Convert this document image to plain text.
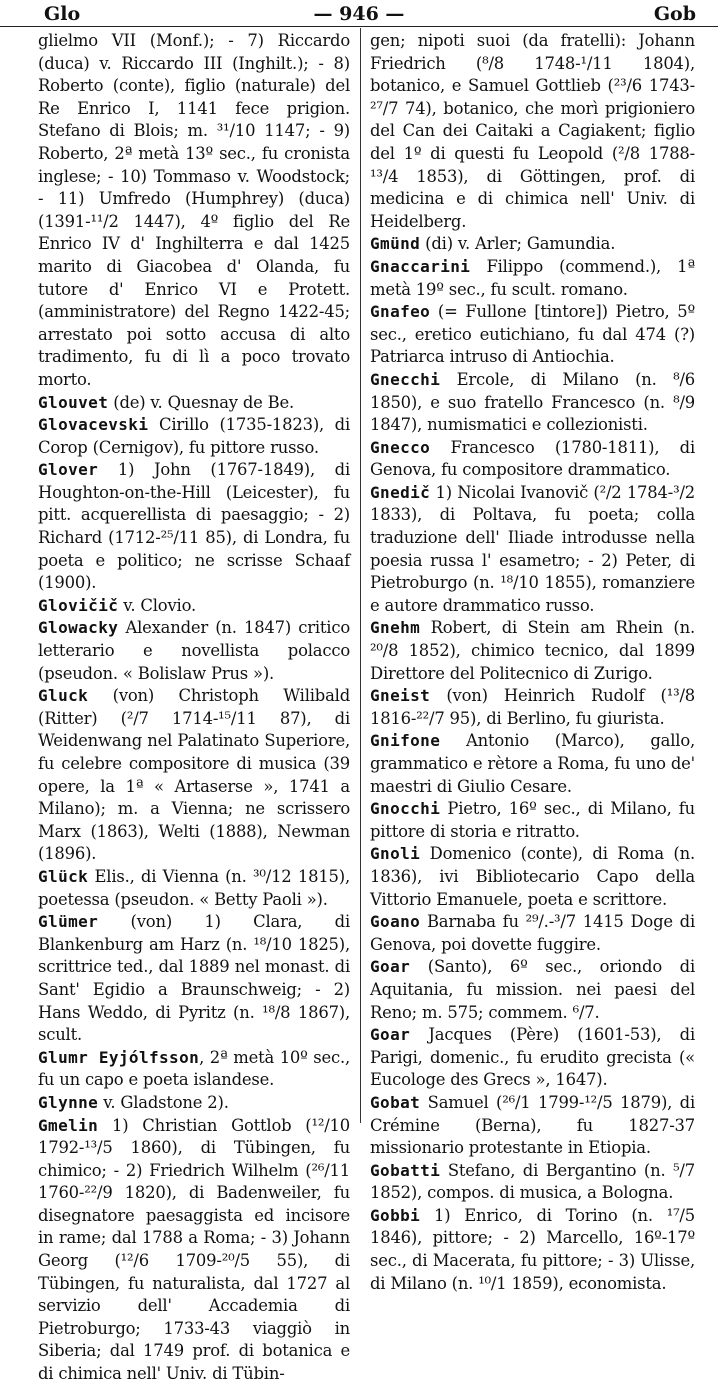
Glo	— 946 —	Gob

glielmo VII (Monf.); - 7) Riccardo (duca) v. Riccardo III (Inghilt.); - 8) Roberto (conte), figlio (naturale) del Re Enrico I, 1141 fece prigion. Stefano di Blois; m. ³¹/10 1147; - 9) Roberto, 2ª metà 13º sec., fu cronista inglese; - 10) Tommaso v. Woodstock; - 11) Umfredo (Humphrey) (duca) (1391-¹¹/2 1447), 4º figlio del Re Enrico IV d' Inghilterra e dal 1425 marito di Giacobea d' Olanda, fu tutore d' Enrico VI e Protett. (amministratore) del Regno 1422-45; arrestato poi sotto accusa di alto tradimento, fu di lì a poco trovato morto.

Glouvet (de) v. Quesnay de Be.

Glovacevski Cirillo (1735-1823), di Corop (Cernigov), fu pittore russo.

Glover 1) John (1767-1849), di Houghton-on-the-Hill (Leicester), fu pitt. acquerellista di paesaggio; - 2) Richard (1712-²⁵/11 85), di Londra, fu poeta e politico; ne scrisse Schaaf (1900).

Glovičič v. Clovio.

Glowacky Alexander (n. 1847) critico letterario e novellista polacco (pseudon. « Bolislaw Prus »).

Gluck (von) Christoph Wilibald (Ritter) (²/7 1714-¹⁵/11 87), di Weidenwang nel Palatinato Superiore, fu celebre compositore di musica (39 opere, la 1ª « Artaserse », 1741 a Milano); m. a Vienna; ne scrissero Marx (1863), Welti (1888), Newman (1896).

Glück Elis., di Vienna (n. ³⁰/12 1815), poetessa (pseudon. « Betty Paoli »).

Glümer (von) 1) Clara, di Blankenburg am Harz (n. ¹⁸/10 1825), scrittrice ted., dal 1889 nel monast. di Sant' Egidio a Braunschweig; - 2) Hans Weddo, di Pyritz (n. ¹⁸/8 1867), scult.

Glumr Eyjólfsson, 2ª metà 10º sec., fu un capo e poeta islandese.

Glynne v. Gladstone 2).

Gmelin 1) Christian Gottlob (¹²/10 1792-¹³/5 1860), di Tübingen, fu chimico; - 2) Friedrich Wilhelm (²⁶/11 1760-²²/9 1820), di Badenweiler, fu disegnatore paesaggista ed incisore in rame; dal 1788 a Roma; - 3) Johann Georg (¹²/6 1709-²⁰/5 55), di Tübingen, fu naturalista, dal 1727 al servizio dell' Accademia di Pietroburgo; 1733-43 viaggiò in Siberia; dal 1749 prof. di botanica e di chimica nell' Univ. di Tübin-

gen; nipoti suoi (da fratelli): Johann Friedrich (⁸/8 1748-¹/11 1804), botanico, e Samuel Gottlieb (²³/6 1743-²⁷/7 74), botanico, che morì prigioniero del Can dei Caitaki a Cagiakent; figlio del 1º di questi fu Leopold (²/8 1788-¹³/4 1853), di Göttingen, prof. di medicina e di chimica nell' Univ. di Heidelberg.

Gmünd (di) v. Arler; Gamundia.

Gnaccarini Filippo (commend.), 1ª metà 19º sec., fu scult. romano.

Gnafeo (= Fullone [tintore]) Pietro, 5º sec., eretico eutichiano, fu dal 474 (?) Patriarca intruso di Antiochia.

Gnecchi Ercole, di Milano (n. ⁸/6 1850), e suo fratello Francesco (n. ⁸/9 1847), numismatici e collezionisti.

Gnecco Francesco (1780-1811), di Genova, fu compositore drammatico.

Gnedič 1) Nicolai Ivanovič (²/2 1784-³/2 1833), di Poltava, fu poeta; colla traduzione dell' Iliade introdusse nella poesia russa l' esametro; - 2) Peter, di Pietroburgo (n. ¹⁸/10 1855), romanziere e autore drammatico russo.

Gnehm Robert, di Stein am Rhein (n. ²⁰/8 1852), chimico tecnico, dal 1899 Direttore del Politecnico di Zurigo.

Gneist (von) Heinrich Rudolf (¹³/8 1816-²²/7 95), di Berlino, fu giurista.

Gnifone Antonio (Marco), gallo, grammatico e rètore a Roma, fu uno de' maestri di Giulio Cesare.

Gnocchi Pietro, 16º sec., di Milano, fu pittore di storia e ritratto.

Gnoli Domenico (conte), di Roma (n. 1836), ivi Bibliotecario Capo della Vittorio Emanuele, poeta e scrittore.

Goano Barnaba fu ²⁹/.-³/7 1415 Doge di Genova, poi dovette fuggire.

Goar (Santo), 6º sec., oriondo di Aquitania, fu mission. nei paesi del Reno; m. 575; commem. ⁶/7.

Goar Jacques (Père) (1601-53), di Parigi, domenic., fu erudito grecista (« Eucologe des Grecs », 1647).

Gobat Samuel (²⁶/1 1799-¹²/5 1879), di Crémine (Berna), fu 1827-37 missionario protestante in Etiopia.

Gobatti Stefano, di Bergantino (n. ⁵/7 1852), compos. di musica, a Bologna.

Gobbi 1) Enrico, di Torino (n. ¹⁷/5 1846), pittore; - 2) Marcello, 16º-17º sec., di Macerata, fu pittore; - 3) Ulisse, di Milano (n. ¹⁰/1 1859), economista.
